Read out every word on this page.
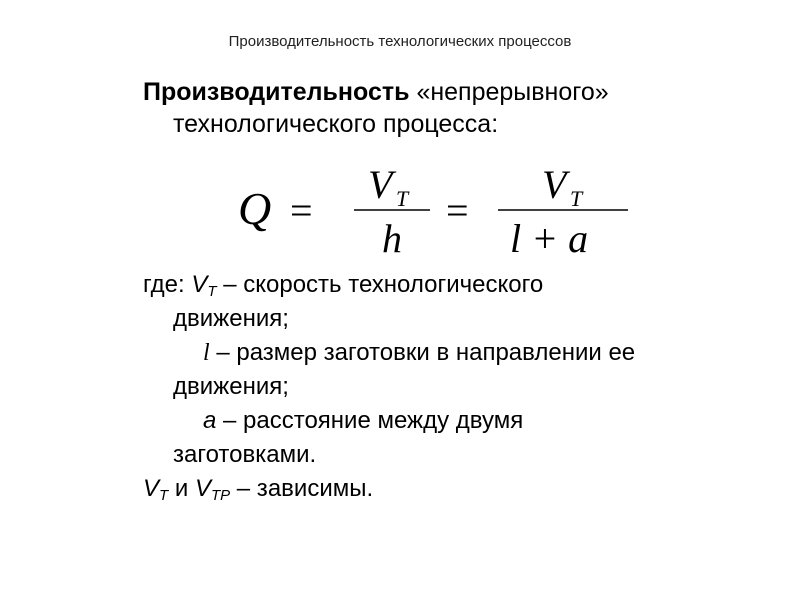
Производительность технологических процессов
Производительность «непрерывного»
технологического процесса:
Q =
V T
h
=
V T
l + a
где: $V_T$ – скорость технологического
движения;
l – размер заготовки в направлении ее
движения;
a – расстояние между двумя
заготовками.
$V_T$ и $V_{TP}$ – зависимы.
